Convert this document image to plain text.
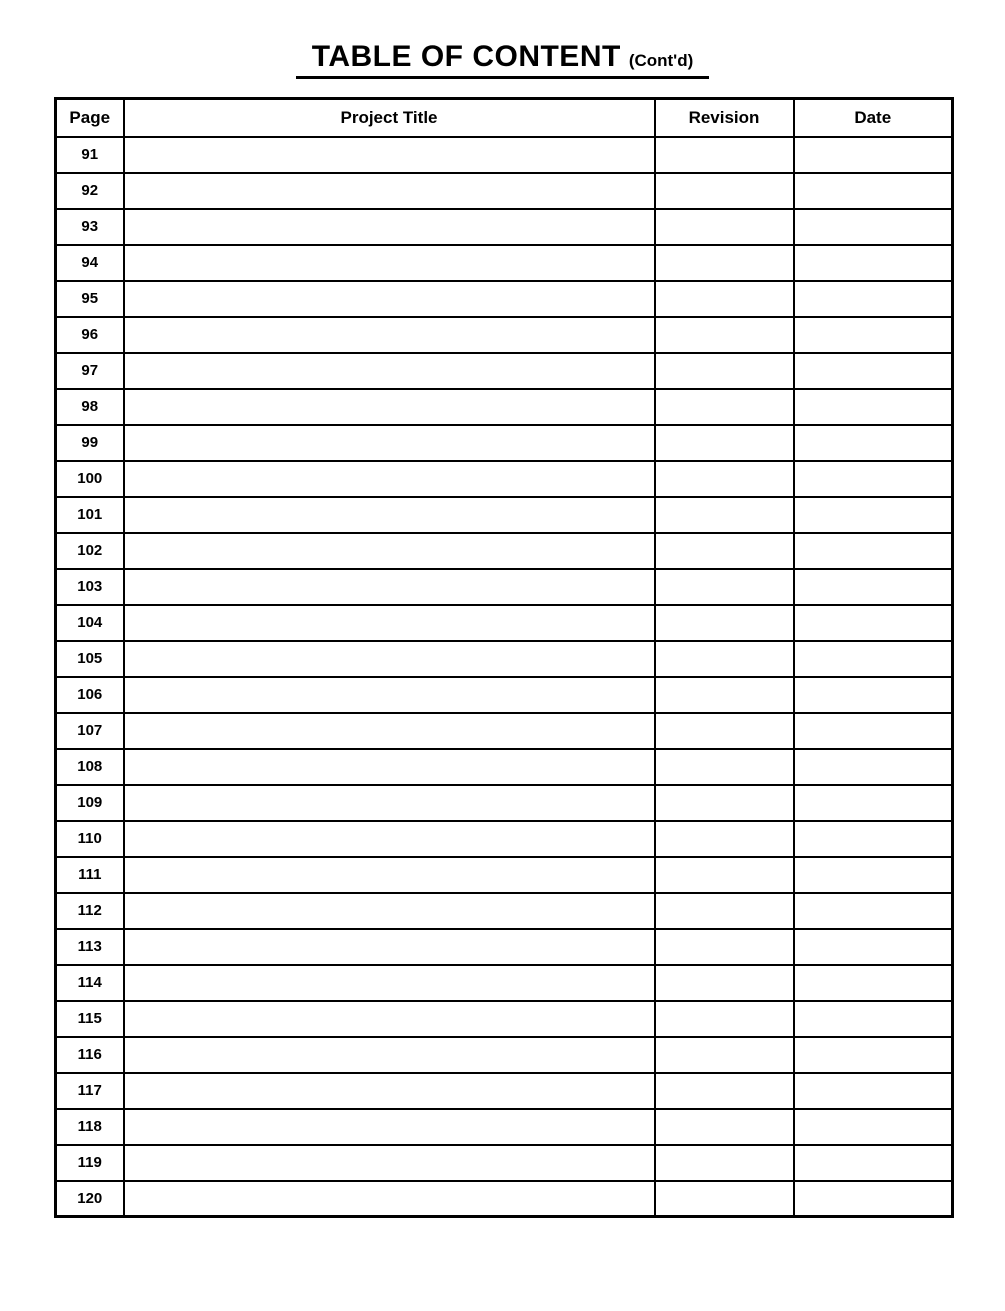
TABLE OF CONTENT (Cont'd)
Page	Project Title	Revision	Date
91			
92			
93			
94			
95			
96			
97			
98			
99			
100			
101			
102			
103			
104			
105			
106			
107			
108			
109			
110			
111			
112			
113			
114			
115			
116			
117			
118			
119			
120			
